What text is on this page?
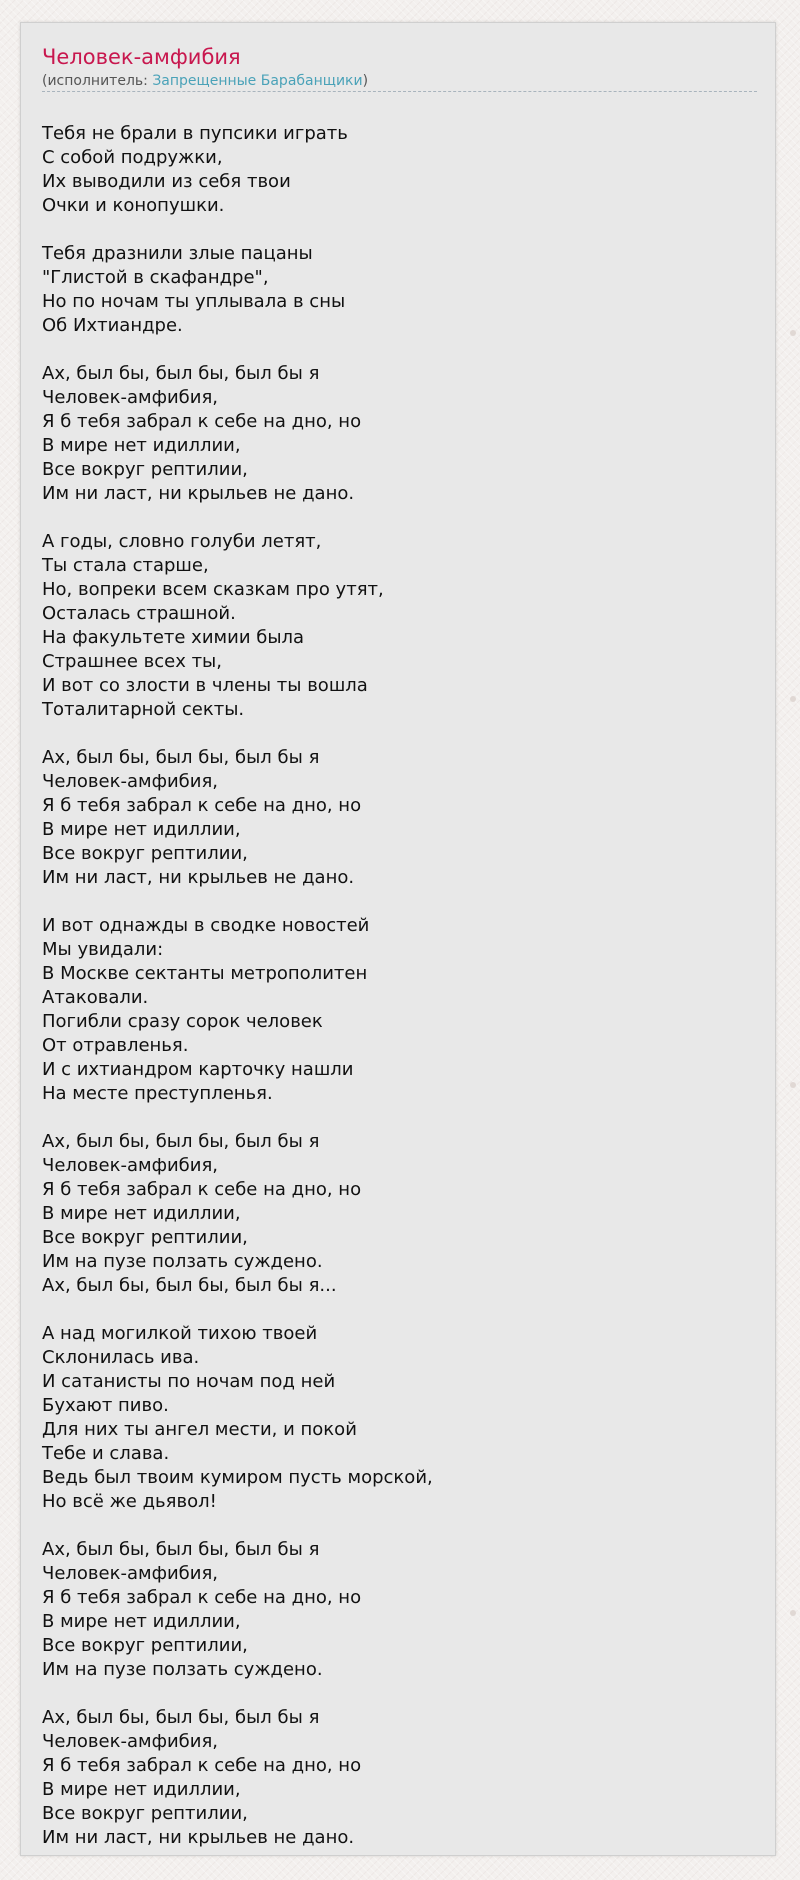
Человек-амфибия
(исполнитель: Запрещенные Барабанщики)
Тебя не брали в пупсики играть
С собой подружки,
Их выводили из себя твои
Очки и конопушки.
Тебя дразнили злые пацаны
"Глистой в скафандре",
Но по ночам ты уплывала в сны
Об Ихтиандре.
Ах, был бы, был бы, был бы я
Человек-амфибия,
Я б тебя забрал к себе на дно, но
В мире нет идиллии,
Все вокруг рептилии,
Им ни ласт, ни крыльев не дано.
А годы, словно голуби летят,
Ты стала старше,
Но, вопреки всем сказкам про утят,
Осталась страшной.
На факультете химии была
Страшнее всех ты,
И вот со злости в члены ты вошла
Тоталитарной секты.
Ах, был бы, был бы, был бы я
Человек-амфибия,
Я б тебя забрал к себе на дно, но
В мире нет идиллии,
Все вокруг рептилии,
Им ни ласт, ни крыльев не дано.
И вот однажды в сводке новостей
Мы увидали:
В Москве сектанты метрополитен
Атаковали.
Погибли сразу сорок человек
От отравленья.
И с ихтиандром карточку нашли
На месте преступленья.
Ах, был бы, был бы, был бы я
Человек-амфибия,
Я б тебя забрал к себе на дно, но
В мире нет идиллии,
Все вокруг рептилии,
Им на пузе ползать суждено.
Ах, был бы, был бы, был бы я...
А над могилкой тихою твоей
Склонилась ива.
И сатанисты по ночам под ней
Бухают пиво.
Для них ты ангел мести, и покой
Тебе и слава.
Ведь был твоим кумиром пусть морской,
Но всё же дьявол!
Ах, был бы, был бы, был бы я
Человек-амфибия,
Я б тебя забрал к себе на дно, но
В мире нет идиллии,
Все вокруг рептилии,
Им на пузе ползать суждено.
Ах, был бы, был бы, был бы я
Человек-амфибия,
Я б тебя забрал к себе на дно, но
В мире нет идиллии,
Все вокруг рептилии,
Им ни ласт, ни крыльев не дано.
